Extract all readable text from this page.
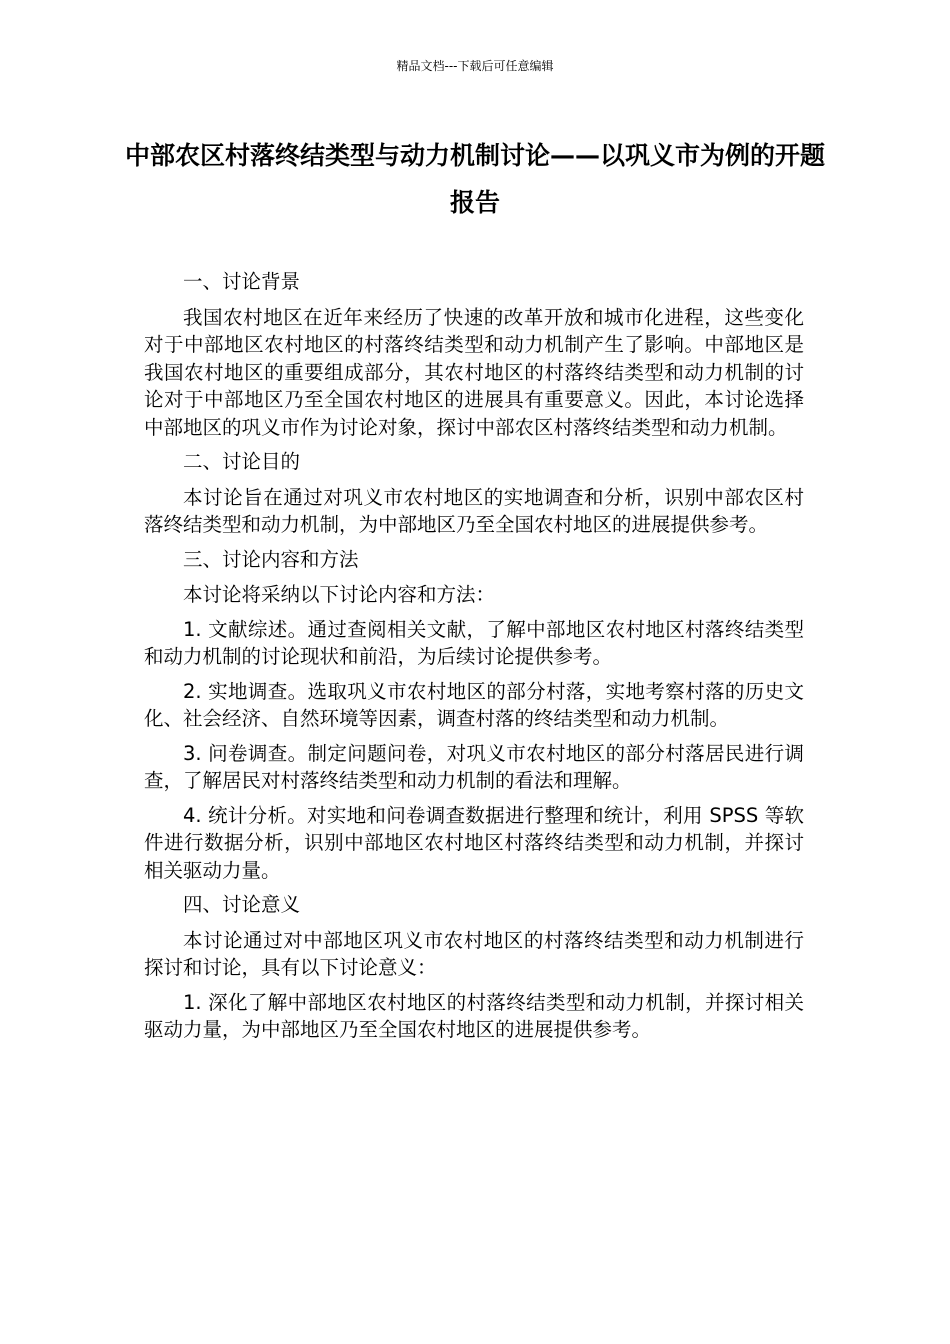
精品文档---下载后可任意编辑
中部农区村落终结类型与动力机制讨论——以巩义市为例的开题报告

一、讨论背景

我国农村地区在近年来经历了快速的改革开放和城市化进程，这些变化对于中部地区农村地区的村落终结类型和动力机制产生了影响。中部地区是我国农村地区的重要组成部分，其农村地区的村落终结类型和动力机制的讨论对于中部地区乃至全国农村地区的进展具有重要意义。因此，本讨论选择中部地区的巩义市作为讨论对象，探讨中部农区村落终结类型和动力机制。

二、讨论目的

本讨论旨在通过对巩义市农村地区的实地调查和分析，识别中部农区村落终结类型和动力机制，为中部地区乃至全国农村地区的进展提供参考。

三、讨论内容和方法

本讨论将采纳以下讨论内容和方法：

1. 文献综述。通过查阅相关文献，了解中部地区农村地区村落终结类型和动力机制的讨论现状和前沿，为后续讨论提供参考。

2. 实地调查。选取巩义市农村地区的部分村落，实地考察村落的历史文化、社会经济、自然环境等因素，调查村落的终结类型和动力机制。

3. 问卷调查。制定问题问卷，对巩义市农村地区的部分村落居民进行调查，了解居民对村落终结类型和动力机制的看法和理解。

4. 统计分析。对实地和问卷调查数据进行整理和统计，利用 SPSS 等软件进行数据分析，识别中部地区农村地区村落终结类型和动力机制，并探讨相关驱动力量。

四、讨论意义

本讨论通过对中部地区巩义市农村地区的村落终结类型和动力机制进行探讨和讨论，具有以下讨论意义：

1. 深化了解中部地区农村地区的村落终结类型和动力机制，并探讨相关驱动力量，为中部地区乃至全国农村地区的进展提供参考。
